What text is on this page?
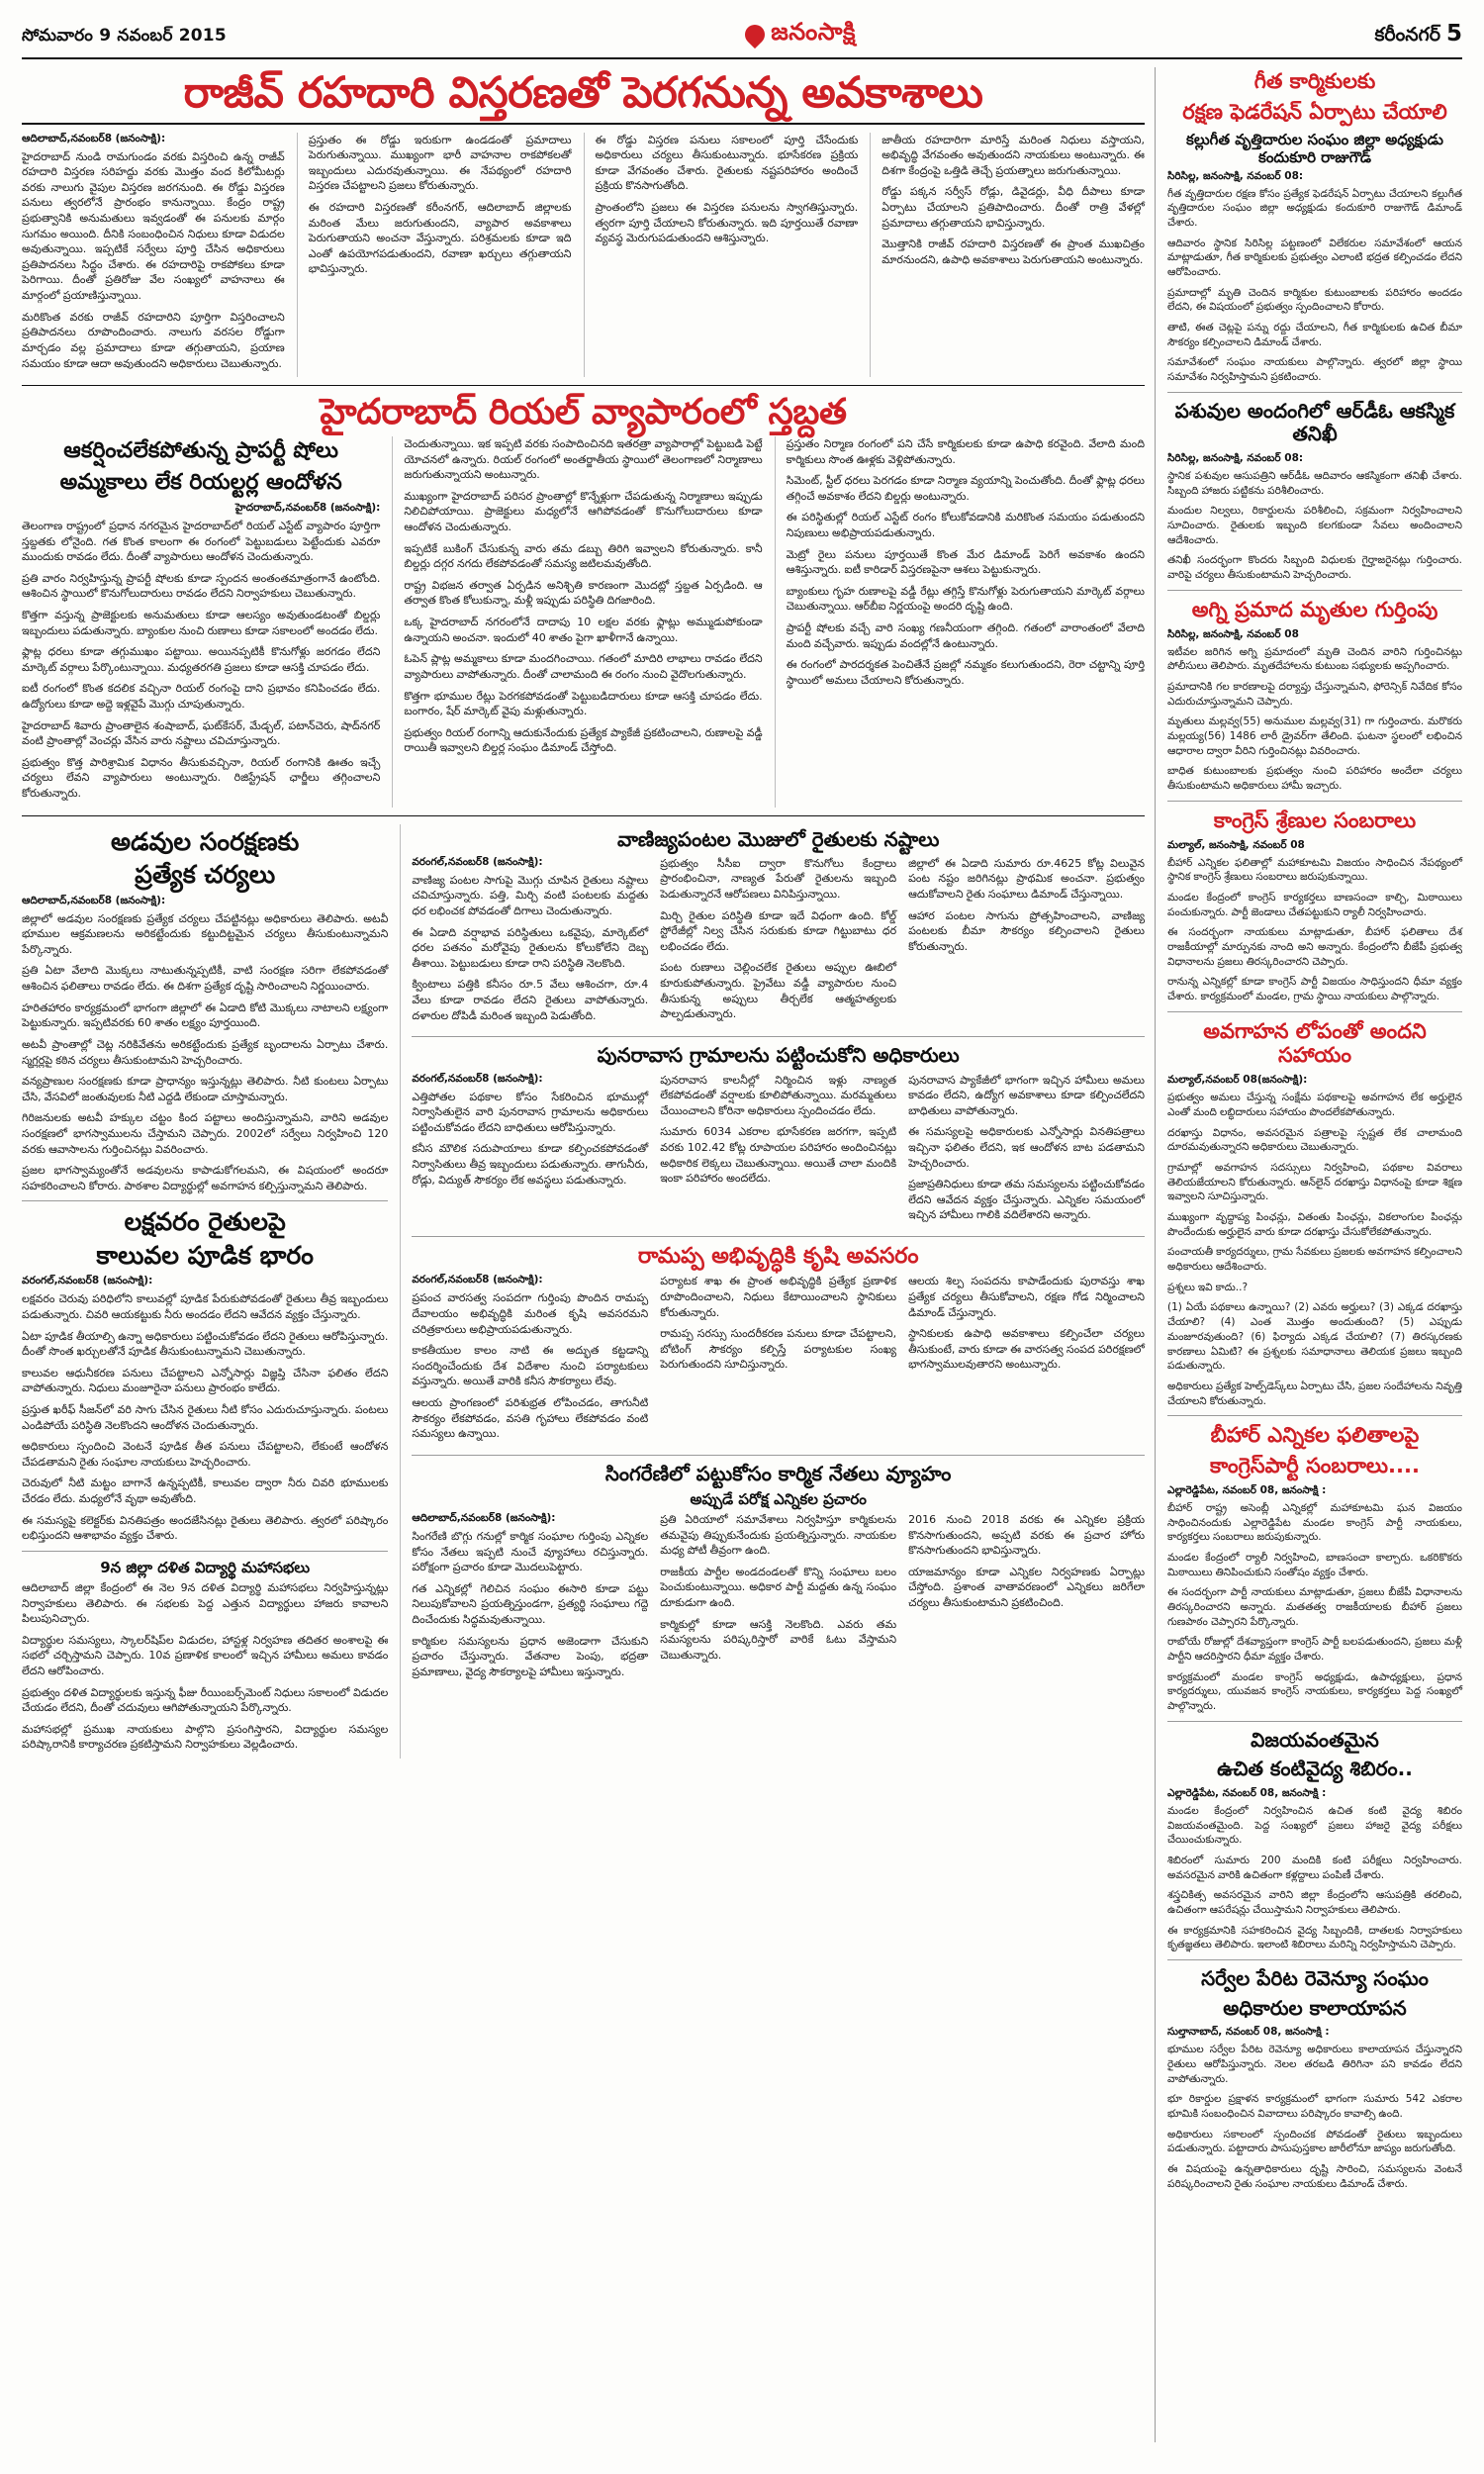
సోమవారం 9 నవంబర్ 2015	జనంసాక్షి	కరీంనగర్ 5
రాజీవ్ రహదారి విస్తరణతో పెరగనున్న అవకాశాలు
ఆదిలాబాద్,నవంబర్8 (జనంసాక్షి):

హైదరాబాద్ నుండి రామగుండం వరకు విస్తరించి ఉన్న రాజీవ్ రహదారి విస్తరణ సరిహద్దు వరకు మొత్తం వంద కిలోమీటర్లు వరకు నాలుగు వైపుల విస్తరణ జరగనుంది. ఈ రోడ్డు విస్తరణ పనులు త్వరలోనే ప్రారంభం కానున్నాయి. కేంద్రం రాష్ట్ర ప్రభుత్వానికి అనుమతులు ఇవ్వడంతో ఈ పనులకు మార్గం సుగమం అయింది. దీనికి సంబంధించిన నిధులు కూడా విడుదల అవుతున్నాయి. ఇప్పటికే సర్వేలు పూర్తి చేసిన అధికారులు ప్రతిపాదనలు సిద్ధం చేశారు. ఈ రహదారిపై రాకపోకలు కూడా పెరిగాయి. దీంతో ప్రతిరోజు వేల సంఖ్యలో వాహనాలు ఈ మార్గంలో ప్రయాణిస్తున్నాయి.

మరికొంత వరకు రాజీవ్ రహదారిని పూర్తిగా విస్తరించాలని ప్రతిపాదనలు రూపొందించారు. నాలుగు వరసల రోడ్డుగా మార్చడం వల్ల ప్రమాదాలు కూడా తగ్గుతాయని, ప్రయాణ సమయం కూడా ఆదా అవుతుందని అధికారులు చెబుతున్నారు.

ప్రస్తుతం ఈ రోడ్డు ఇరుకుగా ఉండడంతో ప్రమాదాలు పెరుగుతున్నాయి. ముఖ్యంగా భారీ వాహనాల రాకపోకలతో ఇబ్బందులు ఎదురవుతున్నాయి. ఈ నేపథ్యంలో రహదారి విస్తరణ చేపట్టాలని ప్రజలు కోరుతున్నారు.

ఈ రహదారి విస్తరణతో కరీంనగర్, ఆదిలాబాద్ జిల్లాలకు మరింత మేలు జరుగుతుందని, వ్యాపార అవకాశాలు పెరుగుతాయని అంచనా వేస్తున్నారు. పరిశ్రమలకు కూడా ఇది ఎంతో ఉపయోగపడుతుందని, రవాణా ఖర్చులు తగ్గుతాయని భావిస్తున్నారు.

ఈ రోడ్డు విస్తరణ పనులు సకాలంలో పూర్తి చేసేందుకు అధికారులు చర్యలు తీసుకుంటున్నారు. భూసేకరణ ప్రక్రియ కూడా వేగవంతం చేశారు. రైతులకు నష్టపరిహారం అందించే ప్రక్రియ కొనసాగుతోంది.

ప్రాంతంలోని ప్రజలు ఈ విస్తరణ పనులను స్వాగతిస్తున్నారు. త్వరగా పూర్తి చేయాలని కోరుతున్నారు. ఇది పూర్తయితే రవాణా వ్యవస్థ మెరుగుపడుతుందని ఆశిస్తున్నారు.

జాతీయ రహదారిగా మారిస్తే మరింత నిధులు వస్తాయని, అభివృద్ధి వేగవంతం అవుతుందని నాయకులు అంటున్నారు. ఈ దిశగా కేంద్రంపై ఒత్తిడి తెచ్చే ప్రయత్నాలు జరుగుతున్నాయి.

రోడ్డు పక్కన సర్వీస్ రోడ్లు, డివైడర్లు, వీధి దీపాలు కూడా ఏర్పాటు చేయాలని ప్రతిపాదించారు. దీంతో రాత్రి వేళల్లో ప్రమాదాలు తగ్గుతాయని భావిస్తున్నారు.

మొత్తానికి రాజీవ్ రహదారి విస్తరణతో ఈ ప్రాంత ముఖచిత్రం మారనుందని, ఉపాధి అవకాశాలు పెరుగుతాయని అంటున్నారు.

హైదరాబాద్ రియల్ వ్యాపారంలో స్తబ్దత
ఆకర్షించలేకపోతున్న ప్రాపర్టీ షోలు
అమ్మకాలు లేక రియల్టర్ల ఆందోళన
హైదరాబాద్,నవంబర్8 (జనంసాక్షి):

తెలంగాణ రాష్ట్రంలో ప్రధాన నగరమైన హైదరాబాద్‌లో రియల్ ఎస్టేట్ వ్యాపారం పూర్తిగా స్తబ్దతకు లోనైంది. గత కొంత కాలంగా ఈ రంగంలో పెట్టుబడులు పెట్టేందుకు ఎవరూ ముందుకు రావడం లేదు. దీంతో వ్యాపారులు ఆందోళన చెందుతున్నారు.

ప్రతి వారం నిర్వహిస్తున్న ప్రాపర్టీ షోలకు కూడా స్పందన అంతంతమాత్రంగానే ఉంటోంది. ఆశించిన స్థాయిలో కొనుగోలుదారులు రావడం లేదని నిర్వాహకులు చెబుతున్నారు.

కొత్తగా వస్తున్న ప్రాజెక్టులకు అనుమతులు కూడా ఆలస్యం అవుతుండటంతో బిల్డర్లు ఇబ్బందులు పడుతున్నారు. బ్యాంకుల నుంచి రుణాలు కూడా సకాలంలో అందడం లేదు.

ఫ్లాట్ల ధరలు కూడా తగ్గుముఖం పట్టాయి. అయినప్పటికీ కొనుగోళ్లు జరగడం లేదని మార్కెట్ వర్గాలు పేర్కొంటున్నాయి. మధ్యతరగతి ప్రజలు కూడా ఆసక్తి చూపడం లేదు.

ఐటీ రంగంలో కొంత కదలిక వచ్చినా రియల్ రంగంపై దాని ప్రభావం కనిపించడం లేదు. ఉద్యోగులు కూడా అద్దె ఇళ్లవైపే మొగ్గు చూపుతున్నారు.

హైదరాబాద్ శివారు ప్రాంతాలైన శంషాబాద్, ఘట్‌కేసర్, మేడ్చల్, పటాన్‌చెరు, షాద్‌నగర్ వంటి ప్రాంతాల్లో వెంచర్లు వేసిన వారు నష్టాలు చవిచూస్తున్నారు.

ప్రభుత్వం కొత్త పారిశ్రామిక విధానం తీసుకువచ్చినా, రియల్ రంగానికి ఊతం ఇచ్చే చర్యలు లేవని వ్యాపారులు అంటున్నారు. రిజిస్ట్రేషన్ ఛార్జీలు తగ్గించాలని కోరుతున్నారు.

చెందుతున్నాయి. ఇక ఇప్పటి వరకు సంపాదించినది ఇతరత్రా వ్యాపారాల్లో పెట్టుబడి పెట్టే యోచనలో ఉన్నారు. రియల్ రంగంలో అంతర్జాతీయ స్థాయిలో తెలంగాణలో నిర్మాణాలు జరుగుతున్నాయని అంటున్నారు.

ముఖ్యంగా హైదరాబాద్ పరిసర ప్రాంతాల్లో కొన్నేళ్లుగా చేపడుతున్న నిర్మాణాలు ఇప్పుడు నిలిచిపోయాయి. ప్రాజెక్టులు మధ్యలోనే ఆగిపోవడంతో కొనుగోలుదారులు కూడా ఆందోళన చెందుతున్నారు.

ఇప్పటికే బుకింగ్ చేసుకున్న వారు తమ డబ్బు తిరిగి ఇవ్వాలని కోరుతున్నారు. కానీ బిల్డర్లు దగ్గర నగదు లేకపోవడంతో సమస్య జటిలమవుతోంది.

రాష్ట్ర విభజన తర్వాత ఏర్పడిన అనిశ్చితి కారణంగా మొదట్లో స్తబ్దత ఏర్పడింది. ఆ తర్వాత కొంత కోలుకున్నా, మళ్లీ ఇప్పుడు పరిస్థితి దిగజారింది.

ఒక్క హైదరాబాద్ నగరంలోనే దాదాపు 10 లక్షల వరకు ఫ్లాట్లు అమ్ముడుపోకుండా ఉన్నాయని అంచనా. ఇందులో 40 శాతం పైగా ఖాళీగానే ఉన్నాయి.

ఓపెన్ ప్లాట్ల అమ్మకాలు కూడా మందగించాయి. గతంలో మాదిరి లాభాలు రావడం లేదని వ్యాపారులు వాపోతున్నారు. దీంతో చాలామంది ఈ రంగం నుంచి వైదొలగుతున్నారు.

కొత్తగా భూముల రేట్లు పెరగకపోవడంతో పెట్టుబడిదారులు కూడా ఆసక్తి చూపడం లేదు. బంగారం, షేర్ మార్కెట్ వైపు మళ్లుతున్నారు.

ప్రభుత్వం రియల్ రంగాన్ని ఆదుకునేందుకు ప్రత్యేక ప్యాకేజీ ప్రకటించాలని, రుణాలపై వడ్డీ రాయితీ ఇవ్వాలని బిల్డర్ల సంఘం డిమాండ్ చేస్తోంది.

ప్రస్తుతం నిర్మాణ రంగంలో పని చేసే కార్మికులకు కూడా ఉపాధి కరవైంది. వేలాది మంది కార్మికులు సొంత ఊళ్లకు వెళ్లిపోతున్నారు.

సిమెంట్, స్టీల్ ధరలు పెరగడం కూడా నిర్మాణ వ్యయాన్ని పెంచుతోంది. దీంతో ఫ్లాట్ల ధరలు తగ్గించే అవకాశం లేదని బిల్డర్లు అంటున్నారు.

ఈ పరిస్థితుల్లో రియల్ ఎస్టేట్ రంగం కోలుకోవడానికి మరికొంత సమయం పడుతుందని నిపుణులు అభిప్రాయపడుతున్నారు.

మెట్రో రైలు పనులు పూర్తయితే కొంత మేర డిమాండ్ పెరిగే అవకాశం ఉందని ఆశిస్తున్నారు. ఐటీ కారిడార్ విస్తరణపైనా ఆశలు పెట్టుకున్నారు.

బ్యాంకులు గృహ రుణాలపై వడ్డీ రేట్లు తగ్గిస్తే కొనుగోళ్లు పెరుగుతాయని మార్కెట్ వర్గాలు చెబుతున్నాయి. ఆర్‌బీఐ నిర్ణయంపై అందరి దృష్టి ఉంది.

ప్రాపర్టీ షోలకు వచ్చే వారి సంఖ్య గణనీయంగా తగ్గింది. గతంలో వారాంతంలో వేలాది మంది వచ్చేవారు. ఇప్పుడు వందల్లోనే ఉంటున్నారు.

ఈ రంగంలో పారదర్శకత పెంచితేనే ప్రజల్లో నమ్మకం కలుగుతుందని, రెరా చట్టాన్ని పూర్తి స్థాయిలో అమలు చేయాలని కోరుతున్నారు.

అడవుల సంరక్షణకు
ప్రత్యేక చర్యలు
ఆదిలాబాద్,నవంబర్8 (జనంసాక్షి):

జిల్లాలో అడవుల సంరక్షణకు ప్రత్యేక చర్యలు చేపట్టినట్లు అధికారులు తెలిపారు. అటవీ భూముల ఆక్రమణలను అరికట్టేందుకు కట్టుదిట్టమైన చర్యలు తీసుకుంటున్నామని పేర్కొన్నారు.

ప్రతి ఏటా వేలాది మొక్కలు నాటుతున్నప్పటికీ, వాటి సంరక్షణ సరిగా లేకపోవడంతో ఆశించిన ఫలితాలు రావడం లేదు. ఈ దిశగా ప్రత్యేక దృష్టి సారించాలని నిర్ణయించారు.

హరితహారం కార్యక్రమంలో భాగంగా జిల్లాలో ఈ ఏడాది కోటి మొక్కలు నాటాలని లక్ష్యంగా పెట్టుకున్నారు. ఇప్పటివరకు 60 శాతం లక్ష్యం పూర్తయింది.

అటవీ ప్రాంతాల్లో చెట్ల నరికివేతను అరికట్టేందుకు ప్రత్యేక బృందాలను ఏర్పాటు చేశారు. స్మగ్లర్లపై కఠిన చర్యలు తీసుకుంటామని హెచ్చరించారు.

వన్యప్రాణుల సంరక్షణకు కూడా ప్రాధాన్యం ఇస్తున్నట్లు తెలిపారు. నీటి కుంటలు ఏర్పాటు చేసి, వేసవిలో జంతువులకు నీటి ఎద్దడి లేకుండా చూస్తామన్నారు.

గిరిజనులకు అటవీ హక్కుల చట్టం కింద పట్టాలు అందిస్తున్నామని, వారిని అడవుల సంరక్షణలో భాగస్వాములను చేస్తామని చెప్పారు. 2002లో సర్వేలు నిర్వహించి 120 వరకు ఆవాసాలను గుర్తించినట్లు వివరించారు.

ప్రజల భాగస్వామ్యంతోనే అడవులను కాపాడుకోగలమని, ఈ విషయంలో అందరూ సహకరించాలని కోరారు. పాఠశాల విద్యార్థుల్లో అవగాహన కల్పిస్తున్నామని తెలిపారు.

లక్షవరం రైతులపై
కాలువల పూడిక భారం
వరంగల్,నవంబర్8 (జనంసాక్షి):

లక్షవరం చెరువు పరిధిలోని కాలువల్లో పూడిక పేరుకుపోవడంతో రైతులు తీవ్ర ఇబ్బందులు పడుతున్నారు. చివరి ఆయకట్టుకు నీరు అందడం లేదని ఆవేదన వ్యక్తం చేస్తున్నారు.

ఏటా పూడిక తీయాల్సి ఉన్నా అధికారులు పట్టించుకోవడం లేదని రైతులు ఆరోపిస్తున్నారు. దీంతో సొంత ఖర్చులతోనే పూడిక తీసుకుంటున్నామని చెబుతున్నారు.

కాలువల ఆధునీకరణ పనులు చేపట్టాలని ఎన్నోసార్లు విజ్ఞప్తి చేసినా ఫలితం లేదని వాపోతున్నారు. నిధులు మంజూరైనా పనులు ప్రారంభం కాలేదు.

ప్రస్తుత ఖరీఫ్ సీజన్‌లో వరి సాగు చేసిన రైతులు నీటి కోసం ఎదురుచూస్తున్నారు. పంటలు ఎండిపోయే పరిస్థితి నెలకొందని ఆందోళన చెందుతున్నారు.

అధికారులు స్పందించి వెంటనే పూడిక తీత పనులు చేపట్టాలని, లేకుంటే ఆందోళన చేపడతామని రైతు సంఘాల నాయకులు హెచ్చరించారు.

చెరువులో నీటి మట్టం బాగానే ఉన్నప్పటికీ, కాలువల ద్వారా నీరు చివరి భూములకు చేరడం లేదు. మధ్యలోనే వృథా అవుతోంది.

ఈ సమస్యపై కలెక్టర్‌కు వినతిపత్రం అందజేసినట్లు రైతులు తెలిపారు. త్వరలో పరిష్కారం లభిస్తుందని ఆశాభావం వ్యక్తం చేశారు.

9న జిల్లా దళిత విద్యార్థి మహాసభలు

ఆదిలాబాద్ జిల్లా కేంద్రంలో ఈ నెల 9న దళిత విద్యార్థి మహాసభలు నిర్వహిస్తున్నట్లు నిర్వాహకులు తెలిపారు. ఈ సభలకు పెద్ద ఎత్తున విద్యార్థులు హాజరు కావాలని పిలుపునిచ్చారు.

విద్యార్థుల సమస్యలు, స్కాలర్‌షిప్‌ల విడుదల, హాస్టళ్ల నిర్వహణ తదితర అంశాలపై ఈ సభలో చర్చిస్తామని చెప్పారు. 10వ ప్రణాళిక కాలంలో ఇచ్చిన హామీలు అమలు కావడం లేదని ఆరోపించారు.

ప్రభుత్వం దళిత విద్యార్థులకు ఇస్తున్న ఫీజు రీయింబర్స్‌మెంట్ నిధులు సకాలంలో విడుదల చేయడం లేదని, దీంతో చదువులు ఆగిపోతున్నాయని పేర్కొన్నారు.

మహాసభల్లో ప్రముఖ నాయకులు పాల్గొని ప్రసంగిస్తారని, విద్యార్థుల సమస్యల పరిష్కారానికి కార్యాచరణ ప్రకటిస్తామని నిర్వాహకులు వెల్లడించారు.

వాణిజ్యపంటల మొజులో రైతులకు నష్టాలు
వరంగల్,నవంబర్8 (జనంసాక్షి):

వాణిజ్య పంటల సాగుపై మొగ్గు చూపిన రైతులు నష్టాలు చవిచూస్తున్నారు. పత్తి, మిర్చి వంటి పంటలకు మద్దతు ధర లభించక పోవడంతో దిగాలు చెందుతున్నారు.

ఈ ఏడాది వర్షాభావ పరిస్థితులు ఒకవైపు, మార్కెట్‌లో ధరల పతనం మరోవైపు రైతులను కోలుకోలేని దెబ్బ తీశాయి. పెట్టుబడులు కూడా రాని పరిస్థితి నెలకొంది.

క్వింటాలు పత్తికి కనీసం రూ.5 వేలు ఆశించగా, రూ.4 వేలు కూడా రావడం లేదని రైతులు వాపోతున్నారు. దళారుల దోపిడీ మరింత ఇబ్బంది పెడుతోంది.

ప్రభుత్వం సీసీఐ ద్వారా కొనుగోలు కేంద్రాలు ప్రారంభించినా, నాణ్యత పేరుతో రైతులను ఇబ్బంది పెడుతున్నారనే ఆరోపణలు వినిపిస్తున్నాయి.

మిర్చి రైతుల పరిస్థితి కూడా ఇదే విధంగా ఉంది. కోల్డ్ స్టోరేజీల్లో నిల్వ చేసిన సరుకుకు కూడా గిట్టుబాటు ధర లభించడం లేదు.

పంట రుణాలు చెల్లించలేక రైతులు అప్పుల ఊబిలో కూరుకుపోతున్నారు. ప్రైవేటు వడ్డీ వ్యాపారుల నుంచి తీసుకున్న అప్పులు తీర్చలేక ఆత్మహత్యలకు పాల్పడుతున్నారు.

జిల్లాలో ఈ ఏడాది సుమారు రూ.4625 కోట్ల విలువైన పంట నష్టం జరిగినట్లు ప్రాథమిక అంచనా. ప్రభుత్వం ఆదుకోవాలని రైతు సంఘాలు డిమాండ్ చేస్తున్నాయి.

ఆహార పంటల సాగును ప్రోత్సహించాలని, వాణిజ్య పంటలకు బీమా సౌకర్యం కల్పించాలని రైతులు కోరుతున్నారు.

పునరావాస గ్రామాలను పట్టించుకోని అధికారులు
వరంగల్,నవంబర్8 (జనంసాక్షి):

ఎత్తిపోతల పథకాల కోసం సేకరించిన భూముల్లో నిర్వాసితులైన వారి పునరావాస గ్రామాలను అధికారులు పట్టించుకోవడం లేదని బాధితులు ఆరోపిస్తున్నారు.

కనీస మౌలిక సదుపాయాలు కూడా కల్పించకపోవడంతో నిర్వాసితులు తీవ్ర ఇబ్బందులు పడుతున్నారు. తాగునీరు, రోడ్లు, విద్యుత్ సౌకర్యం లేక అవస్థలు పడుతున్నారు.

పునరావాస కాలనీల్లో నిర్మించిన ఇళ్లు నాణ్యత లేకపోవడంతో వర్షాలకు కూలిపోతున్నాయి. మరమ్మతులు చేయించాలని కోరినా అధికారులు స్పందించడం లేదు.

సుమారు 6034 ఎకరాల భూసేకరణ జరగగా, ఇప్పటి వరకు 102.42 కోట్ల రూపాయల పరిహారం అందించినట్లు అధికారిక లెక్కలు చెబుతున్నాయి. అయితే చాలా మందికి ఇంకా పరిహారం అందలేదు.

పునరావాస ప్యాకేజీలో భాగంగా ఇచ్చిన హామీలు అమలు కావడం లేదని, ఉద్యోగ అవకాశాలు కూడా కల్పించలేదని బాధితులు వాపోతున్నారు.

ఈ సమస్యలపై అధికారులకు ఎన్నోసార్లు వినతిపత్రాలు ఇచ్చినా ఫలితం లేదని, ఇక ఆందోళన బాట పడతామని హెచ్చరించారు.

ప్రజాప్రతినిధులు కూడా తమ సమస్యలను పట్టించుకోవడం లేదని ఆవేదన వ్యక్తం చేస్తున్నారు. ఎన్నికల సమయంలో ఇచ్చిన హామీలు గాలికి వదిలేశారని అన్నారు.

రామప్ప అభివృద్ధికి కృషి అవసరం
వరంగల్,నవంబర్8 (జనంసాక్షి):

ప్రపంచ వారసత్వ సంపదగా గుర్తింపు పొందిన రామప్ప దేవాలయం అభివృద్ధికి మరింత కృషి అవసరమని చరిత్రకారులు అభిప్రాయపడుతున్నారు.

కాకతీయుల కాలం నాటి ఈ అద్భుత కట్టడాన్ని సందర్శించేందుకు దేశ విదేశాల నుంచి పర్యాటకులు వస్తున్నారు. అయితే వారికి కనీస సౌకర్యాలు లేవు.

ఆలయ ప్రాంగణంలో పరిశుభ్రత లోపించడం, తాగునీటి సౌకర్యం లేకపోవడం, వసతి గృహాలు లేకపోవడం వంటి సమస్యలు ఉన్నాయి.

పర్యాటక శాఖ ఈ ప్రాంత అభివృద్ధికి ప్రత్యేక ప్రణాళిక రూపొందించాలని, నిధులు కేటాయించాలని స్థానికులు కోరుతున్నారు.

రామప్ప సరస్సు సుందరీకరణ పనులు కూడా చేపట్టాలని, బోటింగ్ సౌకర్యం కల్పిస్తే పర్యాటకుల సంఖ్య పెరుగుతుందని సూచిస్తున్నారు.

ఆలయ శిల్ప సంపదను కాపాడేందుకు పురావస్తు శాఖ ప్రత్యేక చర్యలు తీసుకోవాలని, రక్షణ గోడ నిర్మించాలని డిమాండ్ చేస్తున్నారు.

స్థానికులకు ఉపాధి అవకాశాలు కల్పించేలా చర్యలు తీసుకుంటే, వారు కూడా ఈ వారసత్వ సంపద పరిరక్షణలో భాగస్వాములవుతారని అంటున్నారు.

సింగరేణిలో పట్టుకోసం కార్మిక నేతలు వ్యూహం
అప్పుడే పరోక్ష ఎన్నికల ప్రచారం
ఆదిలాబాద్,నవంబర్8 (జనంసాక్షి):

సింగరేణి బొగ్గు గనుల్లో కార్మిక సంఘాల గుర్తింపు ఎన్నికల కోసం నేతలు ఇప్పటి నుంచే వ్యూహాలు రచిస్తున్నారు. పరోక్షంగా ప్రచారం కూడా మొదలుపెట్టారు.

గత ఎన్నికల్లో గెలిచిన సంఘం ఈసారి కూడా పట్టు నిలుపుకోవాలని ప్రయత్నిస్తుండగా, ప్రత్యర్థి సంఘాలు గద్దె దించేందుకు సిద్ధమవుతున్నాయి.

కార్మికుల సమస్యలను ప్రధాన అజెండాగా చేసుకుని ప్రచారం చేస్తున్నారు. వేతనాల పెంపు, భద్రతా ప్రమాణాలు, వైద్య సౌకర్యాలపై హామీలు ఇస్తున్నారు.

ప్రతి ఏరియాలో సమావేశాలు నిర్వహిస్తూ కార్మికులను తమవైపు తిప్పుకునేందుకు ప్రయత్నిస్తున్నారు. నాయకుల మధ్య పోటీ తీవ్రంగా ఉంది.

రాజకీయ పార్టీల అండదండలతో కొన్ని సంఘాలు బలం పెంచుకుంటున్నాయి. అధికార పార్టీ మద్దతు ఉన్న సంఘం దూకుడుగా ఉంది.

కార్మికుల్లో కూడా ఆసక్తి నెలకొంది. ఎవరు తమ సమస్యలను పరిష్కరిస్తారో వారికే ఓటు వేస్తామని చెబుతున్నారు.

2016 నుంచి 2018 వరకు ఈ ఎన్నికల ప్రక్రియ కొనసాగుతుందని, అప్పటి వరకు ఈ ప్రచార హోరు కొనసాగుతుందని భావిస్తున్నారు.

యాజమాన్యం కూడా ఎన్నికల నిర్వహణకు ఏర్పాట్లు చేస్తోంది. ప్రశాంత వాతావరణంలో ఎన్నికలు జరిగేలా చర్యలు తీసుకుంటామని ప్రకటించింది.

గీత కార్మికులకు
రక్షణ ఫెడరేషన్ ఏర్పాటు చేయాలి
కల్లుగీత వృత్తిదారుల సంఘం జిల్లా అధ్యక్షుడు కందుకూరి రాజుగౌడ్
సిరిసిల్ల, జనంసాక్షి, నవంబర్ 08:

గీత వృత్తిదారుల రక్షణ కోసం ప్రత్యేక ఫెడరేషన్ ఏర్పాటు చేయాలని కల్లుగీత వృత్తిదారుల సంఘం జిల్లా అధ్యక్షుడు కందుకూరి రాజుగౌడ్ డిమాండ్ చేశారు.

ఆదివారం స్థానిక సిరిసిల్ల పట్టణంలో విలేకరుల సమావేశంలో ఆయన మాట్లాడుతూ, గీత కార్మికులకు ప్రభుత్వం ఎలాంటి భద్రత కల్పించడం లేదని ఆరోపించారు.

ప్రమాదాల్లో మృతి చెందిన కార్మికుల కుటుంబాలకు పరిహారం అందడం లేదని, ఈ విషయంలో ప్రభుత్వం స్పందించాలని కోరారు.

తాటి, ఈత చెట్లపై పన్ను రద్దు చేయాలని, గీత కార్మికులకు ఉచిత బీమా సౌకర్యం కల్పించాలని డిమాండ్ చేశారు.

సమావేశంలో సంఘం నాయకులు పాల్గొన్నారు. త్వరలో జిల్లా స్థాయి సమావేశం నిర్వహిస్తామని ప్రకటించారు.

పశువుల అందంగిలో ఆర్‌డీఓ ఆకస్మిక తనిఖీ
సిరిసిల్ల, జనంసాక్షి, నవంబర్ 08:

స్థానిక పశువుల ఆసుపత్రిని ఆర్‌డీఓ ఆదివారం ఆకస్మికంగా తనిఖీ చేశారు. సిబ్బంది హాజరు పట్టికను పరిశీలించారు.

మందుల నిల్వలు, రికార్డులను పరిశీలించి, సక్రమంగా నిర్వహించాలని సూచించారు. రైతులకు ఇబ్బంది కలగకుండా సేవలు అందించాలని ఆదేశించారు.

తనిఖీ సందర్భంగా కొందరు సిబ్బంది విధులకు గైర్హాజరైనట్లు గుర్తించారు. వారిపై చర్యలు తీసుకుంటామని హెచ్చరించారు.

అగ్ని ప్రమాద మృతుల గుర్తింపు
సిరిసిల్ల, జనంసాక్షి, నవంబర్ 08

ఇటీవల జరిగిన అగ్ని ప్రమాదంలో మృతి చెందిన వారిని గుర్తించినట్లు పోలీసులు తెలిపారు. మృతదేహాలను కుటుంబ సభ్యులకు అప్పగించారు.

ప్రమాదానికి గల కారణాలపై దర్యాప్తు చేస్తున్నామని, ఫోరెన్సిక్ నివేదిక కోసం ఎదురుచూస్తున్నామని చెప్పారు.

మృతులు మల్లవ్వ(55) అనుముల మల్లవ్వ(31) గా గుర్తించారు. మరొకరు మల్లయ్య(56) 1486 లారీ డ్రైవర్‌గా తేలింది. ఘటనా స్థలంలో లభించిన ఆధారాల ద్వారా వీరిని గుర్తించినట్లు వివరించారు.

బాధిత కుటుంబాలకు ప్రభుత్వం నుంచి పరిహారం అందేలా చర్యలు తీసుకుంటామని అధికారులు హామీ ఇచ్చారు.

కాంగ్రెస్ శ్రేణుల సంబరాలు
మల్యాల్, జనంసాక్షి, నవంబర్ 08

బీహార్ ఎన్నికల ఫలితాల్లో మహాకూటమి విజయం సాధించిన నేపథ్యంలో స్థానిక కాంగ్రెస్ శ్రేణులు సంబరాలు జరుపుకున్నాయి.

మండల కేంద్రంలో కాంగ్రెస్ కార్యకర్తలు బాణసంచా కాల్చి, మిఠాయిలు పంచుకున్నారు. పార్టీ జెండాలు చేతపట్టుకుని ర్యాలీ నిర్వహించారు.

ఈ సందర్భంగా నాయకులు మాట్లాడుతూ, బీహార్ ఫలితాలు దేశ రాజకీయాల్లో మార్పునకు నాంది అని అన్నారు. కేంద్రంలోని బీజేపీ ప్రభుత్వ విధానాలను ప్రజలు తిరస్కరించారని చెప్పారు.

రానున్న ఎన్నికల్లో కూడా కాంగ్రెస్ పార్టీ విజయం సాధిస్తుందని ధీమా వ్యక్తం చేశారు. కార్యక్రమంలో మండల, గ్రామ స్థాయి నాయకులు పాల్గొన్నారు.

అవగాహన లోపంతో అందని సహాయం
మల్యాల్,నవంబర్ 08(జనంసాక్షి):

ప్రభుత్వం అమలు చేస్తున్న సంక్షేమ పథకాలపై అవగాహన లేక అర్హులైన ఎంతో మంది లబ్ధిదారులు సహాయం పొందలేకపోతున్నారు.

దరఖాస్తు విధానం, అవసరమైన పత్రాలపై స్పష్టత లేక చాలామంది దూరమవుతున్నారని అధికారులు చెబుతున్నారు.

గ్రామాల్లో అవగాహన సదస్సులు నిర్వహించి, పథకాల వివరాలు తెలియజేయాలని కోరుతున్నారు. ఆన్‌లైన్ దరఖాస్తు విధానంపై కూడా శిక్షణ ఇవ్వాలని సూచిస్తున్నారు.

ముఖ్యంగా వృద్ధాప్య పింఛన్లు, వితంతు పింఛన్లు, వికలాంగుల పింఛన్లు పొందేందుకు అర్హులైన వారు కూడా దరఖాస్తు చేసుకోలేకపోతున్నారు.

పంచాయతీ కార్యదర్శులు, గ్రామ సేవకులు ప్రజలకు అవగాహన కల్పించాలని అధికారులు ఆదేశించారు.

ప్రశ్నలు ఇవి కాదు..?

(1) ఏయే పథకాలు ఉన్నాయి? (2) ఎవరు అర్హులు? (3) ఎక్కడ దరఖాస్తు చేయాలి? (4) ఎంత మొత్తం అందుతుంది? (5) ఎప్పుడు మంజూరవుతుంది? (6) ఫిర్యాదు ఎక్కడ చేయాలి? (7) తిరస్కరణకు కారణాలు ఏమిటి? ఈ ప్రశ్నలకు సమాధానాలు తెలియక ప్రజలు ఇబ్బంది పడుతున్నారు.

అధికారులు ప్రత్యేక హెల్ప్‌డెస్క్‌లు ఏర్పాటు చేసి, ప్రజల సందేహాలను నివృత్తి చేయాలని కోరుతున్నారు.

బీహార్ ఎన్నికల ఫలితాలపై
కాంగ్రెస్‌పార్టీ సంబరాలు....
ఎల్లారెడ్డిపేట, నవంబర్ 08, జనంసాక్షి :

బీహార్ రాష్ట్ర అసెంబ్లీ ఎన్నికల్లో మహాకూటమి ఘన విజయం సాధించినందుకు ఎల్లారెడ్డిపేట మండల కాంగ్రెస్ పార్టీ నాయకులు, కార్యకర్తలు సంబరాలు జరుపుకున్నారు.

మండల కేంద్రంలో ర్యాలీ నిర్వహించి, బాణసంచా కాల్చారు. ఒకరికొకరు మిఠాయిలు తినిపించుకుని సంతోషం వ్యక్తం చేశారు.

ఈ సందర్భంగా పార్టీ నాయకులు మాట్లాడుతూ, ప్రజలు బీజేపీ విధానాలను తిరస్కరించారని అన్నారు. మతతత్వ రాజకీయాలకు బీహార్ ప్రజలు గుణపాఠం చెప్పారని పేర్కొన్నారు.

రాబోయే రోజుల్లో దేశవ్యాప్తంగా కాంగ్రెస్ పార్టీ బలపడుతుందని, ప్రజలు మళ్లీ పార్టీని ఆదరిస్తారని ధీమా వ్యక్తం చేశారు.

కార్యక్రమంలో మండల కాంగ్రెస్ అధ్యక్షుడు, ఉపాధ్యక్షులు, ప్రధాన కార్యదర్శులు, యువజన కాంగ్రెస్ నాయకులు, కార్యకర్తలు పెద్ద సంఖ్యలో పాల్గొన్నారు.

విజయవంతమైన
ఉచిత కంటివైద్య శిబిరం..
ఎల్లారెడ్డిపేట, నవంబర్ 08, జనంసాక్షి :

మండల కేంద్రంలో నిర్వహించిన ఉచిత కంటి వైద్య శిబిరం విజయవంతమైంది. పెద్ద సంఖ్యలో ప్రజలు హాజరై వైద్య పరీక్షలు చేయించుకున్నారు.

శిబిరంలో సుమారు 200 మందికి కంటి పరీక్షలు నిర్వహించారు. అవసరమైన వారికి ఉచితంగా కళ్లద్దాలు పంపిణీ చేశారు.

శస్త్రచికిత్స అవసరమైన వారిని జిల్లా కేంద్రంలోని ఆసుపత్రికి తరలించి, ఉచితంగా ఆపరేషన్లు చేయిస్తామని నిర్వాహకులు తెలిపారు.

ఈ కార్యక్రమానికి సహకరించిన వైద్య సిబ్బందికి, దాతలకు నిర్వాహకులు కృతజ్ఞతలు తెలిపారు. ఇలాంటి శిబిరాలు మరిన్ని నిర్వహిస్తామని చెప్పారు.

సర్వేల పేరిట రెవెన్యూ సంఘం
అధికారుల కాలాయాపన
సుల్తానాబాద్, నవంబర్ 08, జనంసాక్షి :

భూముల సర్వేల పేరిట రెవెన్యూ అధికారులు కాలాయాపన చేస్తున్నారని రైతులు ఆరోపిస్తున్నారు. నెలల తరబడి తిరిగినా పని కావడం లేదని వాపోతున్నారు.

భూ రికార్డుల ప్రక్షాళన కార్యక్రమంలో భాగంగా సుమారు 542 ఎకరాల భూమికి సంబంధించిన వివాదాలు పరిష్కారం కావాల్సి ఉంది.

అధికారులు సకాలంలో స్పందించక పోవడంతో రైతులు ఇబ్బందులు పడుతున్నారు. పట్టాదారు పాసుపుస్తకాల జారీలోనూ జాప్యం జరుగుతోంది.

ఈ విషయంపై ఉన్నతాధికారులు దృష్టి సారించి, సమస్యలను వెంటనే పరిష్కరించాలని రైతు సంఘాల నాయకులు డిమాండ్ చేశారు.
